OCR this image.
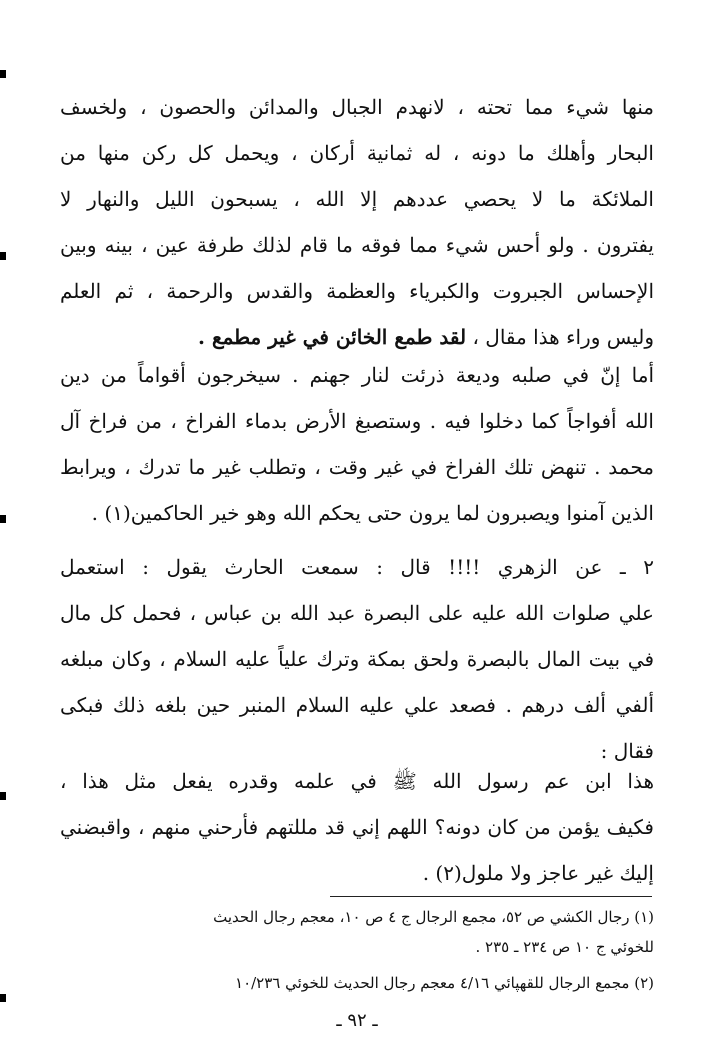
منها شيء مما تحته ، لانهدم الجبال والمدائن والحصون ، ولخسف
البحار وأهلك ما دونه ، له ثمانية أركان ، ويحمل كل ركن منها من
الملائكة ما لا يحصي عددهم إلا الله ، يسبحون الليل والنهار لا
يفترون . ولو أحس شيء مما فوقه ما قام لذلك طرفة عين ، بينه وبين
الإحساس الجبروت والكبرياء والعظمة والقدس والرحمة ، ثم العلم
وليس وراء هذا مقال ، لقد طمع الخائن في غير مطمع .
أما إنّ في صلبه وديعة ذرئت لنار جهنم . سيخرجون أقواماً من دين
الله أفواجاً كما دخلوا فيه . وستصبغ الأرض بدماء الفراخ ، من فراخ آل
محمد . تنهض تلك الفراخ في غير وقت ، وتطلب غير ما تدرك ، ويرابط
الذين آمنوا ويصبرون لما يرون حتى يحكم الله وهو خير الحاكمين(١) .
٢ ـ عن الزهري !!!! قال : سمعت الحارث يقول : استعمل
علي صلوات الله عليه على البصرة عبد الله بن عباس ، فحمل كل مال
في بيت المال بالبصرة ولحق بمكة وترك علياً عليه السلام ، وكان مبلغه
ألفي ألف درهم . فصعد علي عليه السلام المنبر حين بلغه ذلك فبكى
فقال :
هذا ابن عم رسول الله ﷺ في علمه وقدره يفعل مثل هذا ،
فكيف يؤمن من كان دونه؟ اللهم إني قد مللتهم فأرحني منهم ، واقبضني
إليك غير عاجز ولا ملول(٢) .
(١) رجال الكشي ص ٥٢، مجمع الرجال ج ٤ ص ١٠، معجم رجال الحديث
للخوئي ج ١٠ ص ٢٣٤ ـ ٢٣٥ .
(٢) مجمع الرجال للقهپائي ٤/١٦ معجم رجال الحديث للخوئي ١٠/٢٣٦
ـ ٩٢ ـ
